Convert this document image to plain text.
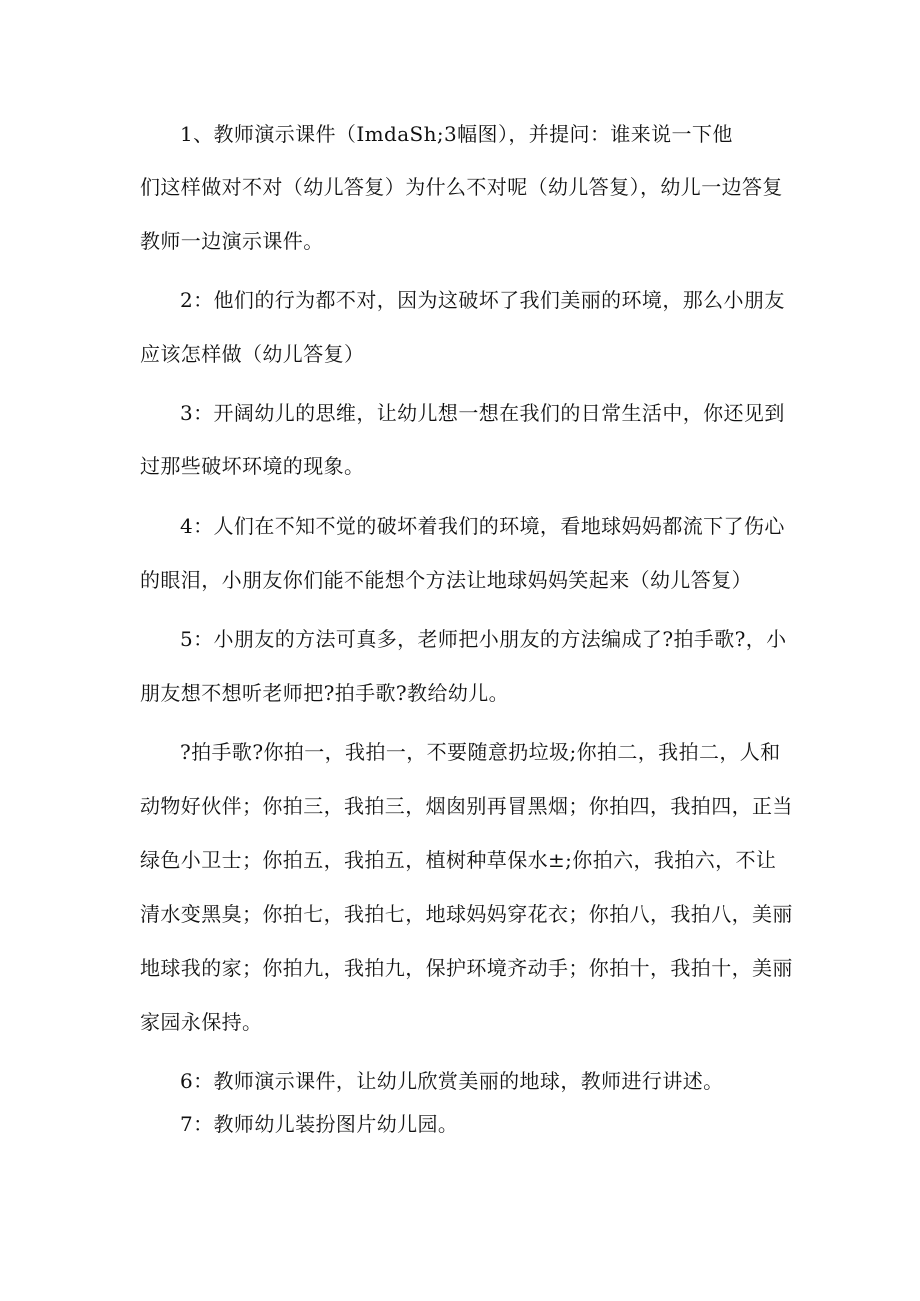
1、教师演示课件（ImdaSh;3幅图），并提问：谁来说一下他
们这样做对不对（幼儿答复）为什么不对呢（幼儿答复），幼儿一边答复
教师一边演示课件。
2：他们的行为都不对，因为这破坏了我们美丽的环境，那么小朋友
应该怎样做（幼儿答复）
3：开阔幼儿的思维，让幼儿想一想在我们的日常生活中，你还见到
过那些破坏环境的现象。
4：人们在不知不觉的破坏着我们的环境，看地球妈妈都流下了伤心
的眼泪，小朋友你们能不能想个方法让地球妈妈笑起来（幼儿答复）
5：小朋友的方法可真多，老师把小朋友的方法编成了?拍手歌?，小
朋友想不想听老师把?拍手歌?教给幼儿。
?拍手歌?你拍一，我拍一，不要随意扔垃圾;你拍二，我拍二，人和
动物好伙伴；你拍三，我拍三，烟囱别再冒黑烟；你拍四，我拍四，正当
绿色小卫士；你拍五，我拍五，植树种草保水±;你拍六，我拍六，不让
清水变黑臭；你拍七，我拍七，地球妈妈穿花衣；你拍八，我拍八，美丽
地球我的家；你拍九，我拍九，保护环境齐动手；你拍十，我拍十，美丽
家园永保持。
6：教师演示课件，让幼儿欣赏美丽的地球，教师进行讲述。
7：教师幼儿装扮图片幼儿园。
